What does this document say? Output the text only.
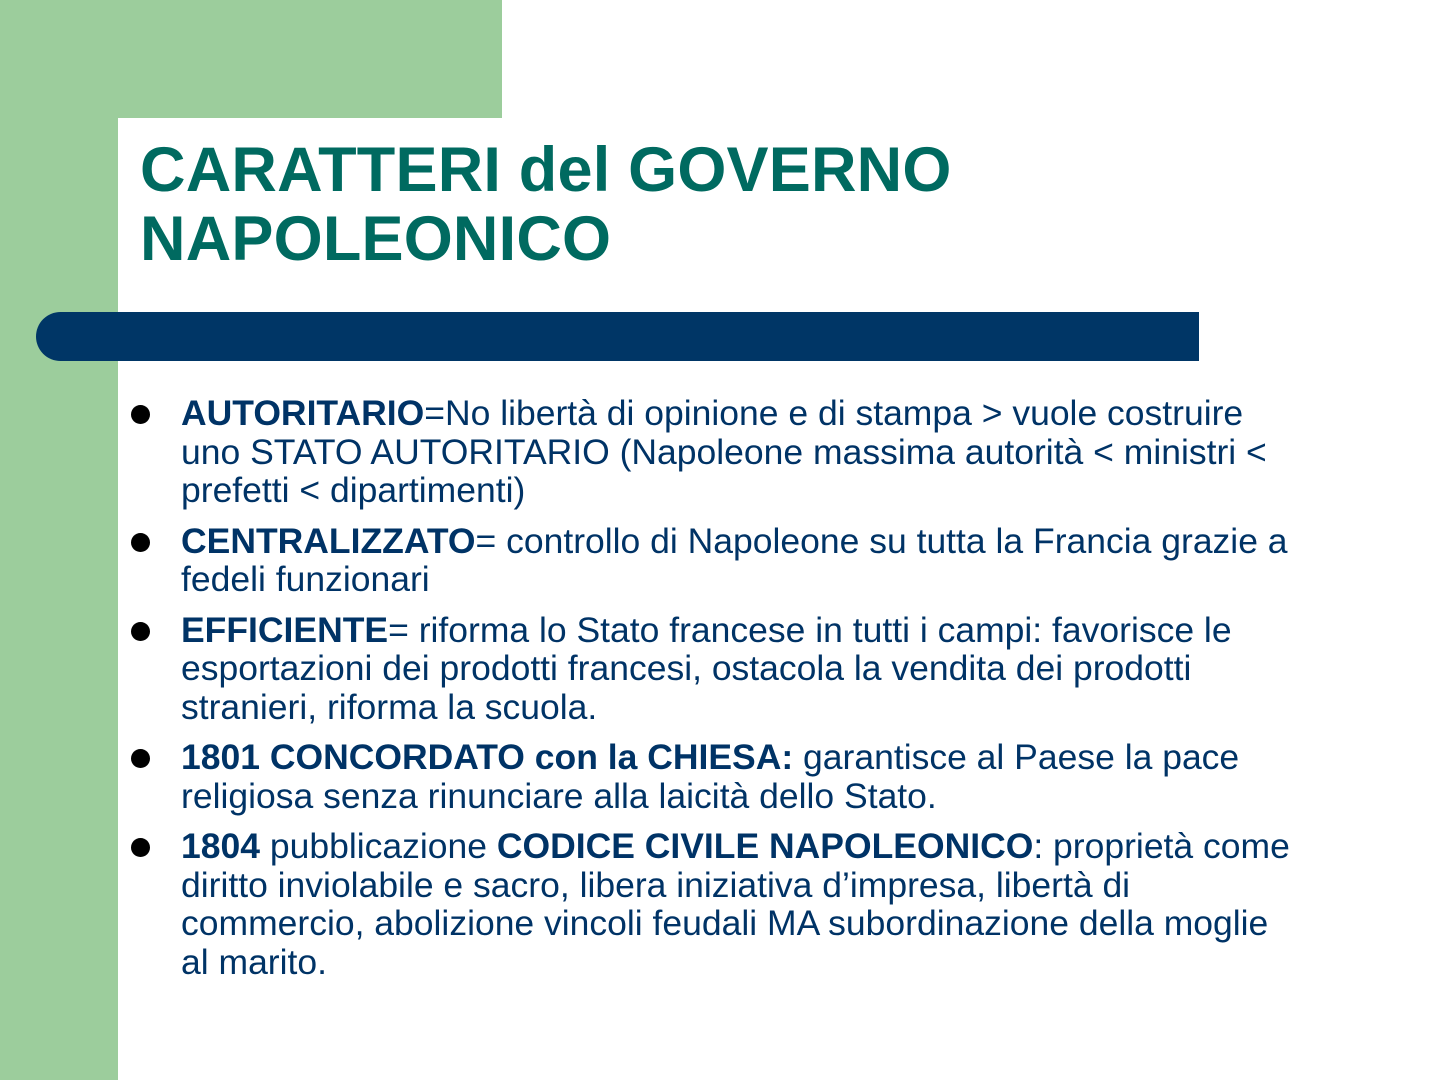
CARATTERI del GOVERNO
NAPOLEONICO
AUTORITARIO=No libertà di opinione e di stampa > vuole costruire uno STATO AUTORITARIO (Napoleone massima autorità < ministri < prefetti < dipartimenti)
CENTRALIZZATO= controllo di Napoleone su tutta la Francia grazie a fedeli funzionari
EFFICIENTE= riforma lo Stato francese in tutti i campi: favorisce le esportazioni dei prodotti francesi, ostacola la vendita dei prodotti stranieri, riforma la scuola.
1801 CONCORDATO con la CHIESA: garantisce al Paese la pace religiosa senza rinunciare alla laicità dello Stato.
1804 pubblicazione CODICE CIVILE NAPOLEONICO: proprietà come diritto inviolabile e sacro, libera iniziativa d’impresa, libertà di commercio, abolizione vincoli feudali MA subordinazione della moglie al marito.
